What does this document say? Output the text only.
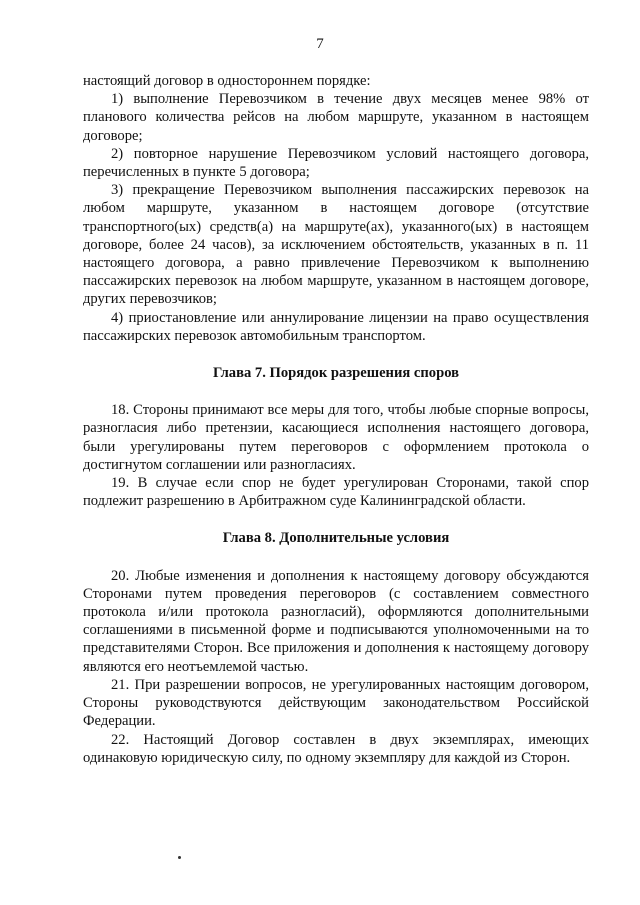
7

настоящий договор в одностороннем порядке:

1) выполнение Перевозчиком в течение двух месяцев менее 98% от планового количества рейсов на любом маршруте, указанном в настоящем договоре;

2) повторное нарушение Перевозчиком условий настоящего договора, перечисленных в пункте 5 договора;

3) прекращение Перевозчиком выполнения пассажирских перевозок на любом маршруте, указанном в настоящем договоре (отсутствие транспортного(ых) средств(а) на маршруте(ах), указанного(ых) в настоящем договоре, более 24 часов), за исключением обстоятельств, указанных в п. 11 настоящего договора, а равно привлечение Перевозчиком к выполнению пассажирских перевозок на любом маршруте, указанном в настоящем договоре, других перевозчиков;

4) приостановление или аннулирование лицензии на право осуществления пассажирских перевозок автомобильным транспортом.

Глава 7. Порядок разрешения споров

18. Стороны принимают все меры для того, чтобы любые спорные вопросы, разногласия либо претензии, касающиеся исполнения настоящего договора, были урегулированы путем переговоров с оформлением протокола о достигнутом соглашении или разногласиях.

19. В случае если спор не будет урегулирован Сторонами, такой спор подлежит разрешению в Арбитражном суде Калининградской области.

Глава 8. Дополнительные условия

20. Любые изменения и дополнения к настоящему договору обсуждаются Сторонами путем проведения переговоров (с составлением совместного протокола и/или протокола разногласий), оформляются дополнительными соглашениями в письменной форме и подписываются уполномоченными на то представителями Сторон. Все приложения и дополнения к настоящему договору являются его неотъемлемой частью.

21. При разрешении вопросов, не урегулированных настоящим договором, Стороны руководствуются действующим законодательством Российской Федерации.

22. Настоящий Договор составлен в двух экземплярах, имеющих одинаковую юридическую силу, по одному экземпляру для каждой из Сторон.
